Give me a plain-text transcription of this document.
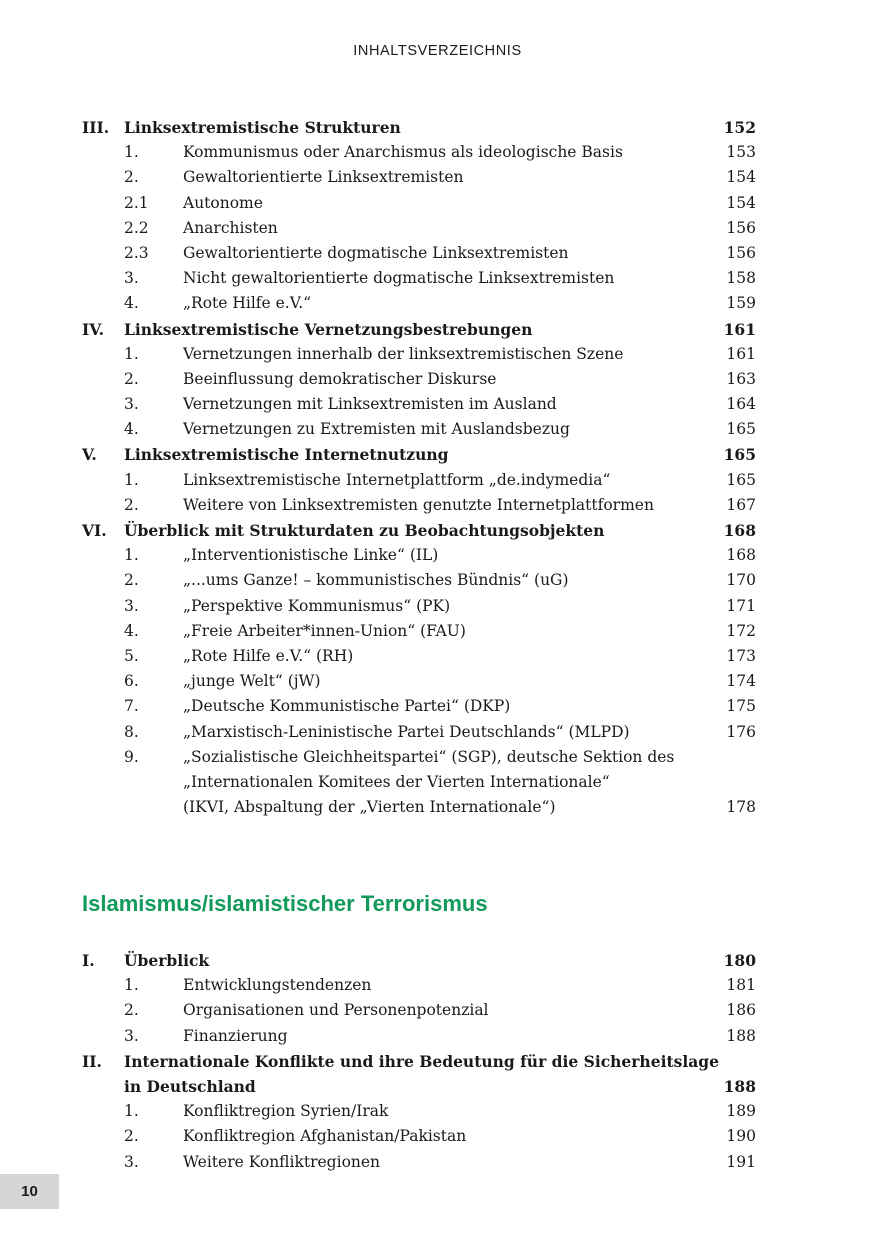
INHALTSVERZEICHNIS
III. Linksextremistische Strukturen	152
1.	Kommunismus oder Anarchismus als ideologische Basis	153
2.	Gewaltorientierte Linksextremisten	154
2.1 Autonome	154
2.2 Anarchisten	156
2.3 Gewaltorientierte dogmatische Linksextremisten	156
3.	Nicht gewaltorientierte dogmatische Linksextremisten	158
4.	„Rote Hilfe e.V.“	159
IV. Linksextremistische Vernetzungsbestrebungen	161
1.	Vernetzungen innerhalb der linksextremistischen Szene	161
2.	Beeinflussung demokratischer Diskurse	163
3.	Vernetzungen mit Linksextremisten im Ausland	164
4.	Vernetzungen zu Extremisten mit Auslandsbezug	165
V. Linksextremistische Internetnutzung	165
1.	Linksextremistische Internetplattform „de.indymedia“	165
2.	Weitere von Linksextremisten genutzte Internetplattformen	167
VI. Überblick mit Strukturdaten zu Beobachtungsobjekten	168
1.	„Interventionistische Linke“ (IL)	168
2.	„...ums Ganze! – kommunistisches Bündnis“ (uG)	170
3.	„Perspektive Kommunismus“ (PK)	171
4.	„Freie Arbeiter*innen-Union“ (FAU)	172
5.	„Rote Hilfe e.V.“ (RH)	173
6.	„junge Welt“ (jW)	174
7.	„Deutsche Kommunistische Partei“ (DKP)	175
8.	„Marxistisch-Leninistische Partei Deutschlands“ (MLPD)	176
9.	„Sozialistische Gleichheitspartei“ (SGP), deutsche Sektion des
„Internationalen Komitees der Vierten Internationale“
(IKVI, Abspaltung der „Vierten Internationale“)	178
Islamismus/islamistischer Terrorismus
I. Überblick	180
1.	Entwicklungstendenzen	181
2.	Organisationen und Personenpotenzial	186
3.	Finanzierung	188
II. Internationale Konflikte und ihre Bedeutung für die Sicherheitslage
in Deutschland	188
1.	Konfliktregion Syrien/Irak	189
2.	Konfliktregion Afghanistan/Pakistan	190
3.	Weitere Konfliktregionen	191
10
